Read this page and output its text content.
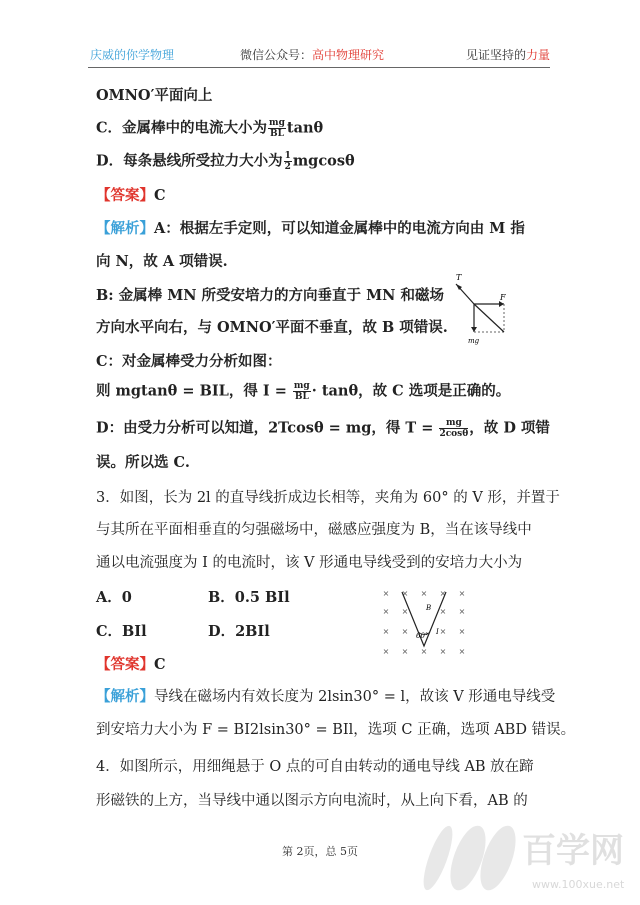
庆威的你学物理	微信公众号：高中物理研究	见证坚持的力量
OMNO′平面向上
C．金属棒中的电流大小为 $\frac{mg}{BL}$ tanθ
D．每条悬线所受拉力大小为 $\frac{1}{2}$ mgcosθ
【答案】C
【解析】A：根据左手定则，可以知道金属棒中的电流方向由 M 指
向 N，故 A 项错误.
B: 金属棒 MN 所受安培力的方向垂直于 MN 和磁场
方向水平向右，与 OMNO′平面不垂直，故 B 项错误.
C：对金属棒受力分析如图：
则 mgtanθ = BIL，得 $I = \frac{mg}{BL} \cdot \tan\theta$，故 C 选项是正确的。
D：由受力分析可以知道，2Tcosθ = mg，得 $T = \frac{mg}{2\cos\theta}$ ，故 D 项错
误。所以选 C.
3．如图，长为 2l 的直导线折成边长相等，夹角为 60° 的 V 形，并置于
与其所在平面相垂直的匀强磁场中，磁感应强度为 B，当在该导线中
通以电流强度为 I 的电流时，该 V 形通电导线受到的安培力大小为
A．0	B．0.5 BIl
C．BIl	D．2BIl
【答案】C
【解析】导线在磁场内有效长度为 2lsin30° = l，故该 V 形通电导线受
到安培力大小为 F = BI2lsin30° = BIl，选项 C 正确，选项 ABD 错误。
4．如图所示，用细绳悬于 O 点的可自由转动的通电导线 AB 放在蹄
形磁铁的上方，当导线中通以图示方向电流时，从上向下看，AB 的
T
F
mg
× × × × ×
× ×	× ×
× ×	× ×
× × × × ×
B
60° I
第 2页，总 5页	百学网
www.100xue.net
